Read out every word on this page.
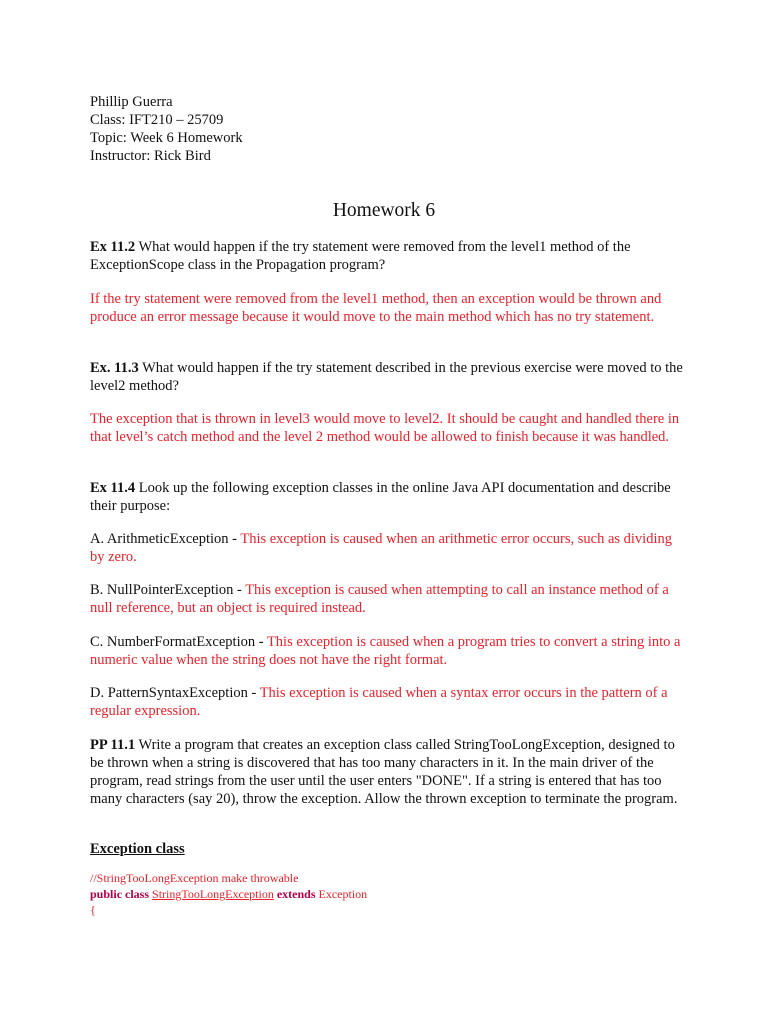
Phillip Guerra
Class: IFT210 – 25709
Topic: Week 6 Homework
Instructor: Rick Bird
Homework 6
Ex 11.2 What would happen if the try statement were removed from the level1 method of the ExceptionScope class in the Propagation program?
If the try statement were removed from the level1 method, then an exception would be thrown and produce an error message because it would move to the main method which has no try statement.
Ex. 11.3 What would happen if the try statement described in the previous exercise were moved to the level2 method?
The exception that is thrown in level3 would move to level2. It should be caught and handled there in that level’s catch method and the level 2 method would be allowed to finish because it was handled.
Ex 11.4 Look up the following exception classes in the online Java API documentation and describe their purpose:
A. ArithmeticException - This exception is caused when an arithmetic error occurs, such as dividing by zero.
B. NullPointerException - This exception is caused when attempting to call an instance method of a null reference, but an object is required instead.
C. NumberFormatException - This exception is caused when a program tries to convert a string into a numeric value when the string does not have the right format.
D. PatternSyntaxException - This exception is caused when a syntax error occurs in the pattern of a regular expression.
PP 11.1 Write a program that creates an exception class called StringTooLongException, designed to be thrown when a string is discovered that has too many characters in it. In the main driver of the program, read strings from the user until the user enters "DONE". If a string is entered that has too many characters (say 20), throw the exception. Allow the thrown exception to terminate the program.
Exception class
//StringTooLongException make throwable
public class StringTooLongException extends Exception
{
